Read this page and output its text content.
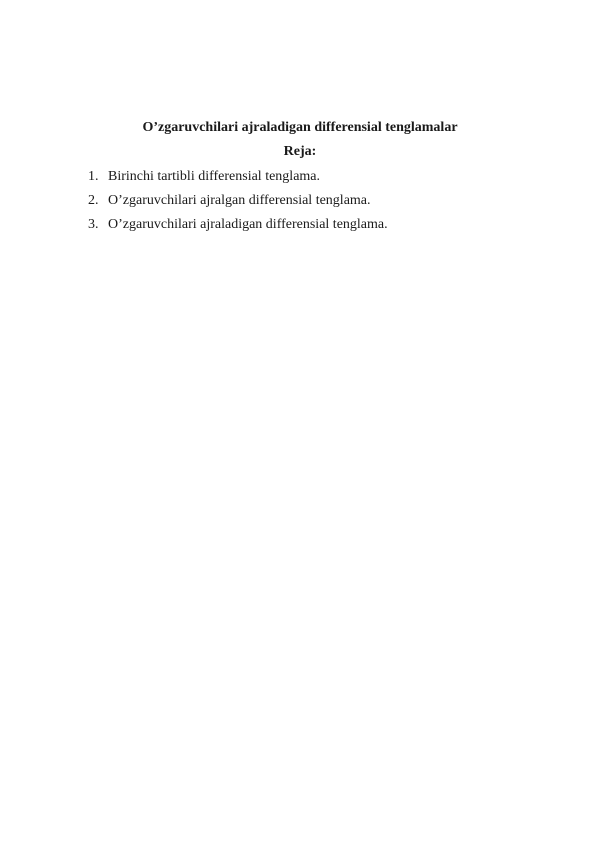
O’zgaruvchilari ajraladigan differensial tenglamalar
Reja:
1. Birinchi tartibli differensial tenglama.
2. O’zgaruvchilari ajralgan differensial tenglama.
3. O’zgaruvchilari ajraladigan differensial tenglama.
